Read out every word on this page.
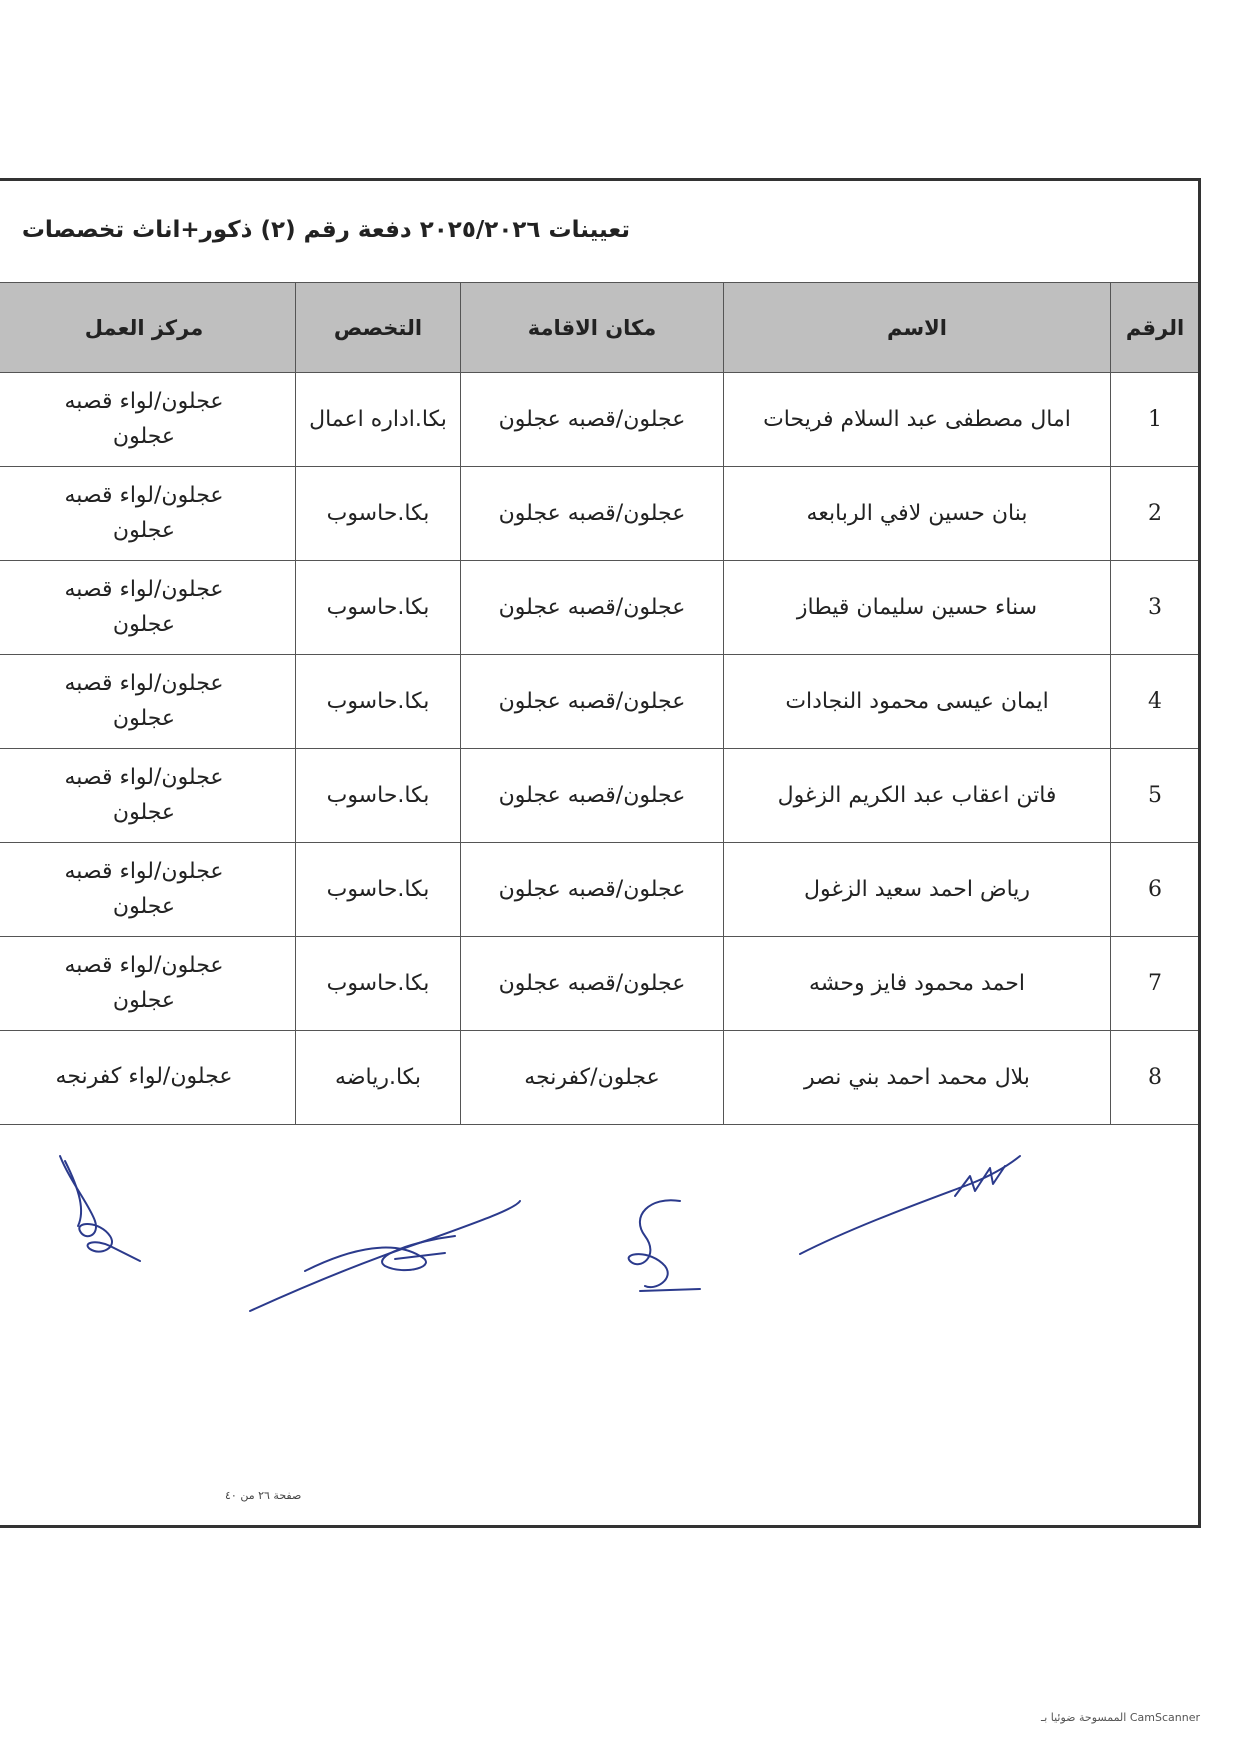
تعيينات ٢٠٢٥/٢٠٢٦ دفعة رقم (٢) ذكور+اناث تخصصات
الرقم	الاسم	مكان الاقامة	التخصص	مركز العمل
1	امال مصطفى عبد السلام فريحات	عجلون/قصبه عجلون	بكا.اداره اعمال	عجلون/لواء قصبه
عجلون

2	بنان حسين لافي الربابعه	عجلون/قصبه عجلون	بكا.حاسوب	عجلون/لواء قصبه
عجلون

3	سناء حسين سليمان قيطاز	عجلون/قصبه عجلون	بكا.حاسوب	عجلون/لواء قصبه
عجلون

4	ايمان عيسى محمود النجادات	عجلون/قصبه عجلون	بكا.حاسوب	عجلون/لواء قصبه
عجلون

5	فاتن اعقاب عبد الكريم الزغول	عجلون/قصبه عجلون	بكا.حاسوب	عجلون/لواء قصبه
عجلون

6	رياض احمد سعيد الزغول	عجلون/قصبه عجلون	بكا.حاسوب	عجلون/لواء قصبه
عجلون

7	احمد محمود فايز وحشه	عجلون/قصبه عجلون	بكا.حاسوب	عجلون/لواء قصبه
عجلون

8	بلال محمد احمد بني نصر	عجلون/كفرنجه	بكا.رياضه	عجلون/لواء كفرنجه
صفحة ٢٦ من ٤٠
CamScanner الممسوحة ضوئيا بـ
